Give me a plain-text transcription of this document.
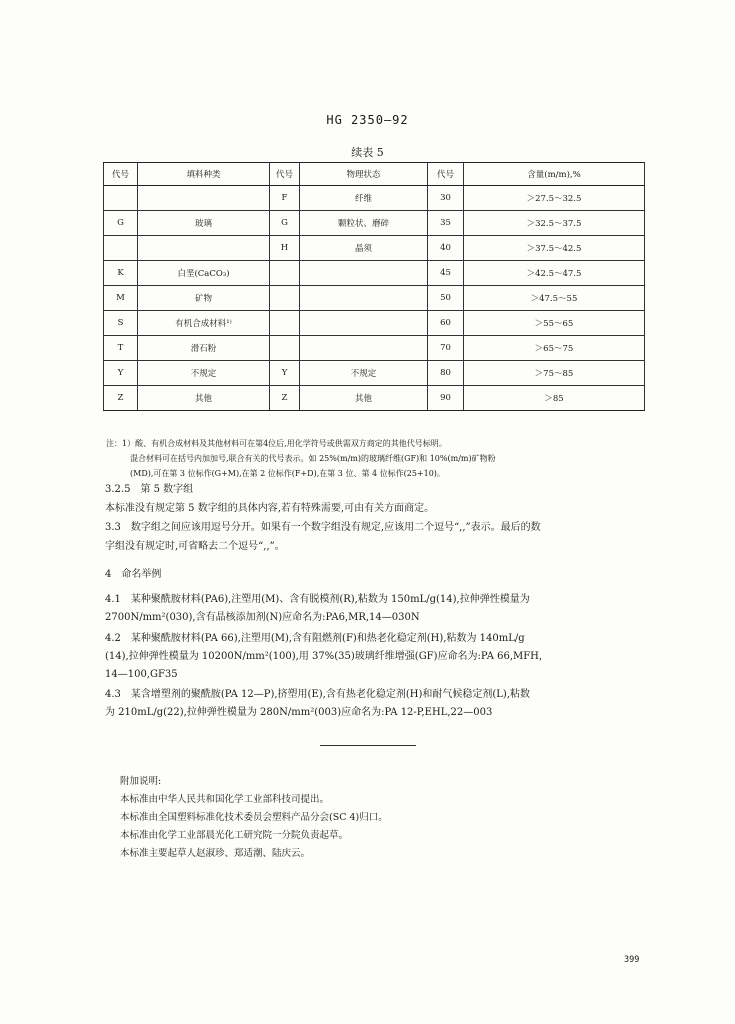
HG 2350—92
续表 5
代号	填料种类	代号	物理状态	代号	含量(m/m),%
		F	纤维	30	＞27.5～32.5
G	玻璃	G	颗粒状、磨碎	35	＞32.5～37.5
		H	晶须	40	＞37.5～42.5
K	白垩(CaCO₃)			45	＞42.5～47.5
M	矿物			50	＞47.5～55
S	有机合成材料¹⁾			60	＞55～65
T	滑石粉			70	＞65～75
Y	不规定	Y	不规定	80	＞75～85
Z	其他	Z	其他	90	＞85
注：1）酸、有机合成材料及其他材料可在第4位后,用化学符号或供需双方商定的其他代号标明。
混合材料可在括号内加加号,联合有关的代号表示。如 25%(m/m)的玻璃纤维(GF)和 10%(m/m)矿物粉
(MD),可在第 3 位标作(G+M),在第 2 位标作(F+D),在第 3 位、第 4 位标作(25+10)。
3.2.5　第 5 数字组
本标准没有规定第 5 数字组的具体内容,若有特殊需要,可由有关方面商定。
3.3　数字组之间应该用逗号分开。如果有一个数字组没有规定,应该用二个逗号“,,”表示。最后的数
字组没有规定时,可省略去二个逗号“,,”。
4　命名举例
4.1　某种聚酰胺材料(PA6),注塑用(M)、含有脱模剂(R),粘数为 150mL/g(14),拉伸弹性模量为
2700N/mm²(030),含有晶核添加剂(N)应命名为:PA6,MR,14—030N
4.2　某种聚酰胺材料(PA 66),注塑用(M),含有阻燃剂(F)和热老化稳定剂(H),粘数为 140mL/g
(14),拉伸弹性模量为 10200N/mm²(100),用 37%(35)玻璃纤维增强(GF)应命名为:PA 66,MFH,
14—100,GF35
4.3　某含增塑剂的聚酰胺(PA 12—P),挤塑用(E),含有热老化稳定剂(H)和耐气候稳定剂(L),粘数
为 210mL/g(22),拉伸弹性模量为 280N/mm²(003)应命名为:PA 12-P,EHL,22—003
附加说明:
本标准由中华人民共和国化学工业部科技司提出。
本标准由全国塑料标准化技术委员会塑料产品分会(SC 4)归口。
本标准由化学工业部晨光化工研究院一分院负责起草。
本标准主要起草人赵淑珍、郑适潮、陆庆云。
399
